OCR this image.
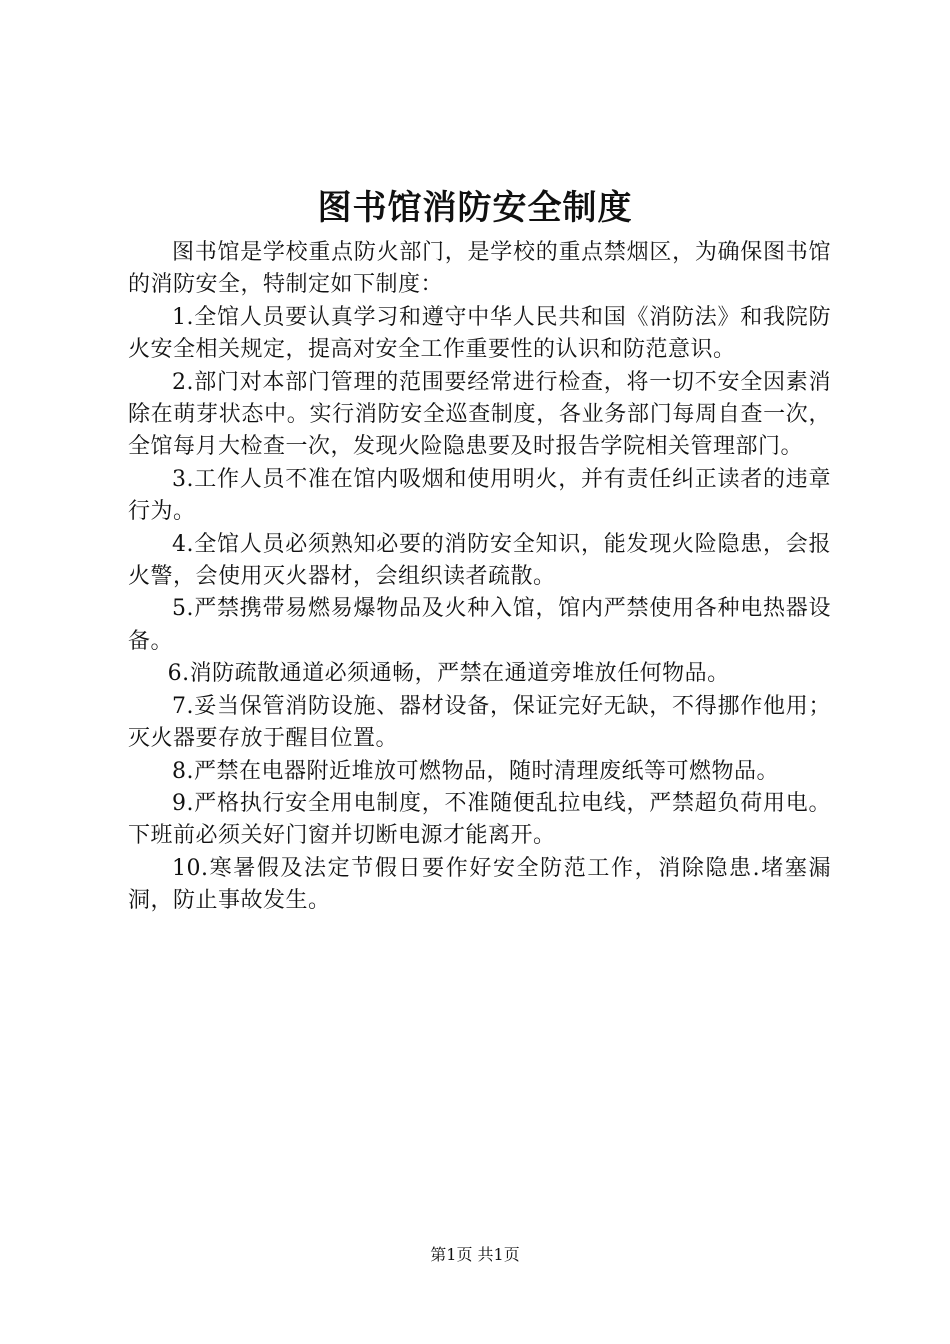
图书馆消防安全制度

图书馆是学校重点防火部门，是学校的重点禁烟区，为确保图书馆的消防安全，特制定如下制度：

1.全馆人员要认真学习和遵守中华人民共和国《消防法》和我院防火安全相关规定，提高对安全工作重要性的认识和防范意识。

2.部门对本部门管理的范围要经常进行检查，将一切不安全因素消除在萌芽状态中。实行消防安全巡查制度，各业务部门每周自查一次，全馆每月大检查一次，发现火险隐患要及时报告学院相关管理部门。

3.工作人员不准在馆内吸烟和使用明火，并有责任纠正读者的违章行为。

4.全馆人员必须熟知必要的消防安全知识，能发现火险隐患，会报火警，会使用灭火器材，会组织读者疏散。

5.严禁携带易燃易爆物品及火种入馆，馆内严禁使用各种电热器设备。

6.消防疏散通道必须通畅，严禁在通道旁堆放任何物品。

7.妥当保管消防设施、器材设备，保证完好无缺，不得挪作他用；灭火器要存放于醒目位置。

8.严禁在电器附近堆放可燃物品，随时清理废纸等可燃物品。

9.严格执行安全用电制度，不准随便乱拉电线，严禁超负荷用电。下班前必须关好门窗并切断电源才能离开。

10.寒暑假及法定节假日要作好安全防范工作，消除隐患.堵塞漏洞，防止事故发生。

第1页 共1页
